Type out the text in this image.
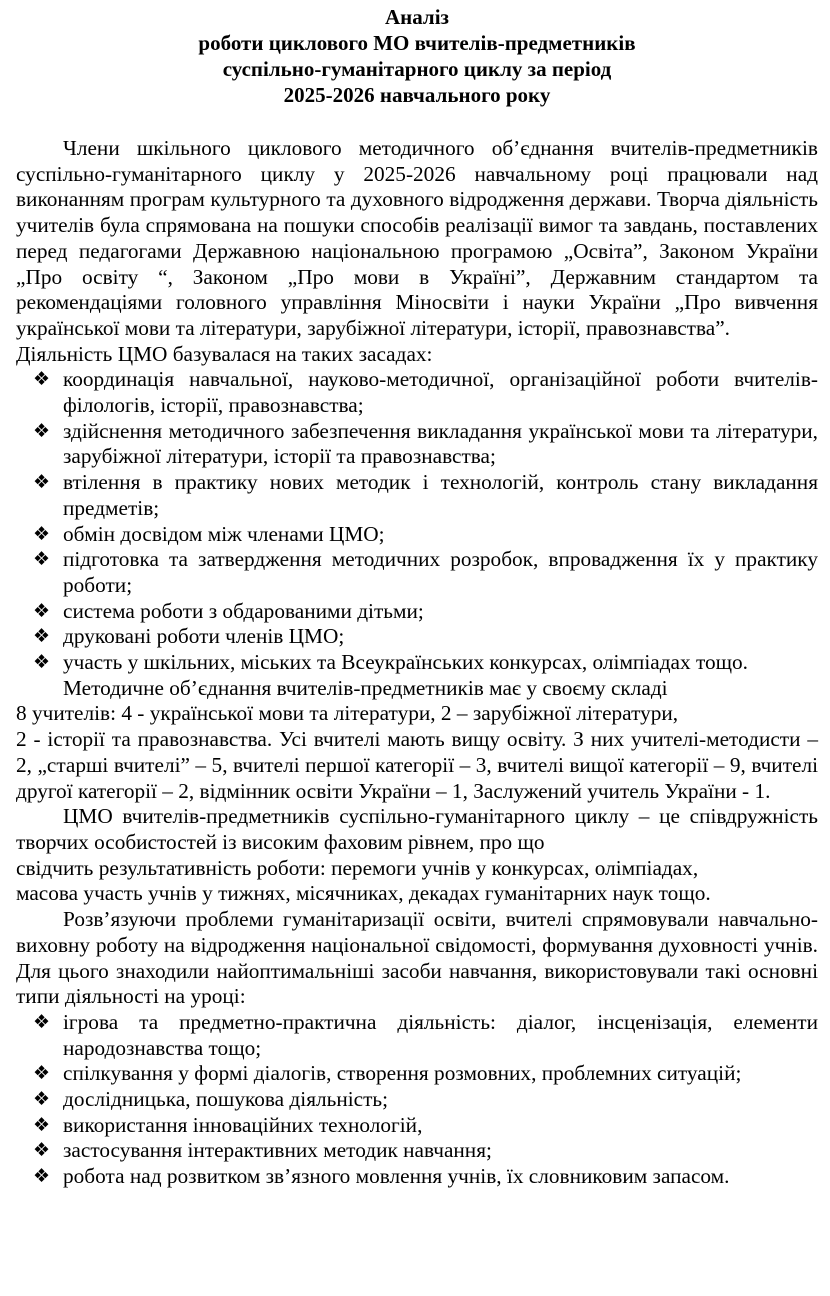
Аналіз
роботи циклового МО вчителів-предметників
суспільно-гуманітарного циклу за період
2025-2026 навчального року

Члени шкільного циклового методичного об’єднання вчителів-предметників суспільно-гуманітарного циклу у 2025-2026 навчальному році працювали над виконанням програм культурного та духовного відродження держави. Творча діяльність учителів була спрямована на пошуки способів реалізації вимог та завдань, поставлених перед педагогами Державною національною програмою „Освіта”, Законом України „Про освіту “, Законом „Про мови в Україні”, Державним стандартом та рекомендаціями головного управління Міносвіти і науки України „Про вивчення української мови та літератури, зарубіжної літератури, історії, правознавства”.

Діяльність ЦМО базувалася на таких засадах:

❖ координація навчальної, науково-методичної, організаційної роботи вчителів-філологів, історії, правознавства;
❖ здійснення методичного забезпечення викладання української мови та літератури, зарубіжної літератури, історії та правознавства;
❖ втілення в практику нових методик і технологій, контроль стану викладання предметів;
❖ обмін досвідом між членами ЦМО;
❖ підготовка та затвердження методичних розробок, впровадження їх у практику роботи;
❖ система роботи з обдарованими дітьми;
❖ друковані роботи членів ЦМО;
❖ участь у шкільних, міських та Всеукраїнських конкурсах, олімпіадах тощо.

Методичне об’єднання вчителів-предметників має у своєму складі

8 учителів: 4 - української мови та літератури, 2 – зарубіжної літератури,

2 - історії та правознавства. Усі вчителі мають вищу освіту. З них учителі-методисти – 2, „старші вчителі” – 5, вчителі першої категорії – 3, вчителі вищої категорії – 9, вчителі другої категорії – 2, відмінник освіти України – 1, Заслужений учитель України - 1.

ЦМО вчителів-предметників суспільно-гуманітарного циклу – це співдружність творчих особистостей із високим фаховим рівнем, про що

свідчить результативність роботи: перемоги учнів у конкурсах, олімпіадах,

масова участь учнів у тижнях, місячниках, декадах гуманітарних наук тощо.

Розв’язуючи проблеми гуманітаризації освіти, вчителі спрямовували навчально-виховну роботу на відродження національної свідомості, формування духовності учнів. Для цього знаходили найоптимальніші засоби навчання, використовували такі основні типи діяльності на уроці:

❖ ігрова та предметно-практична діяльність: діалог, інсценізація, елементи народознавства тощо;
❖ спілкування у формі діалогів, створення розмовних, проблемних ситуацій;
❖ дослідницька, пошукова діяльність;
❖ використання інноваційних технологій,
❖ застосування інтерактивних методик навчання;
❖ робота над розвитком зв’язного мовлення учнів, їх словниковим запасом.
